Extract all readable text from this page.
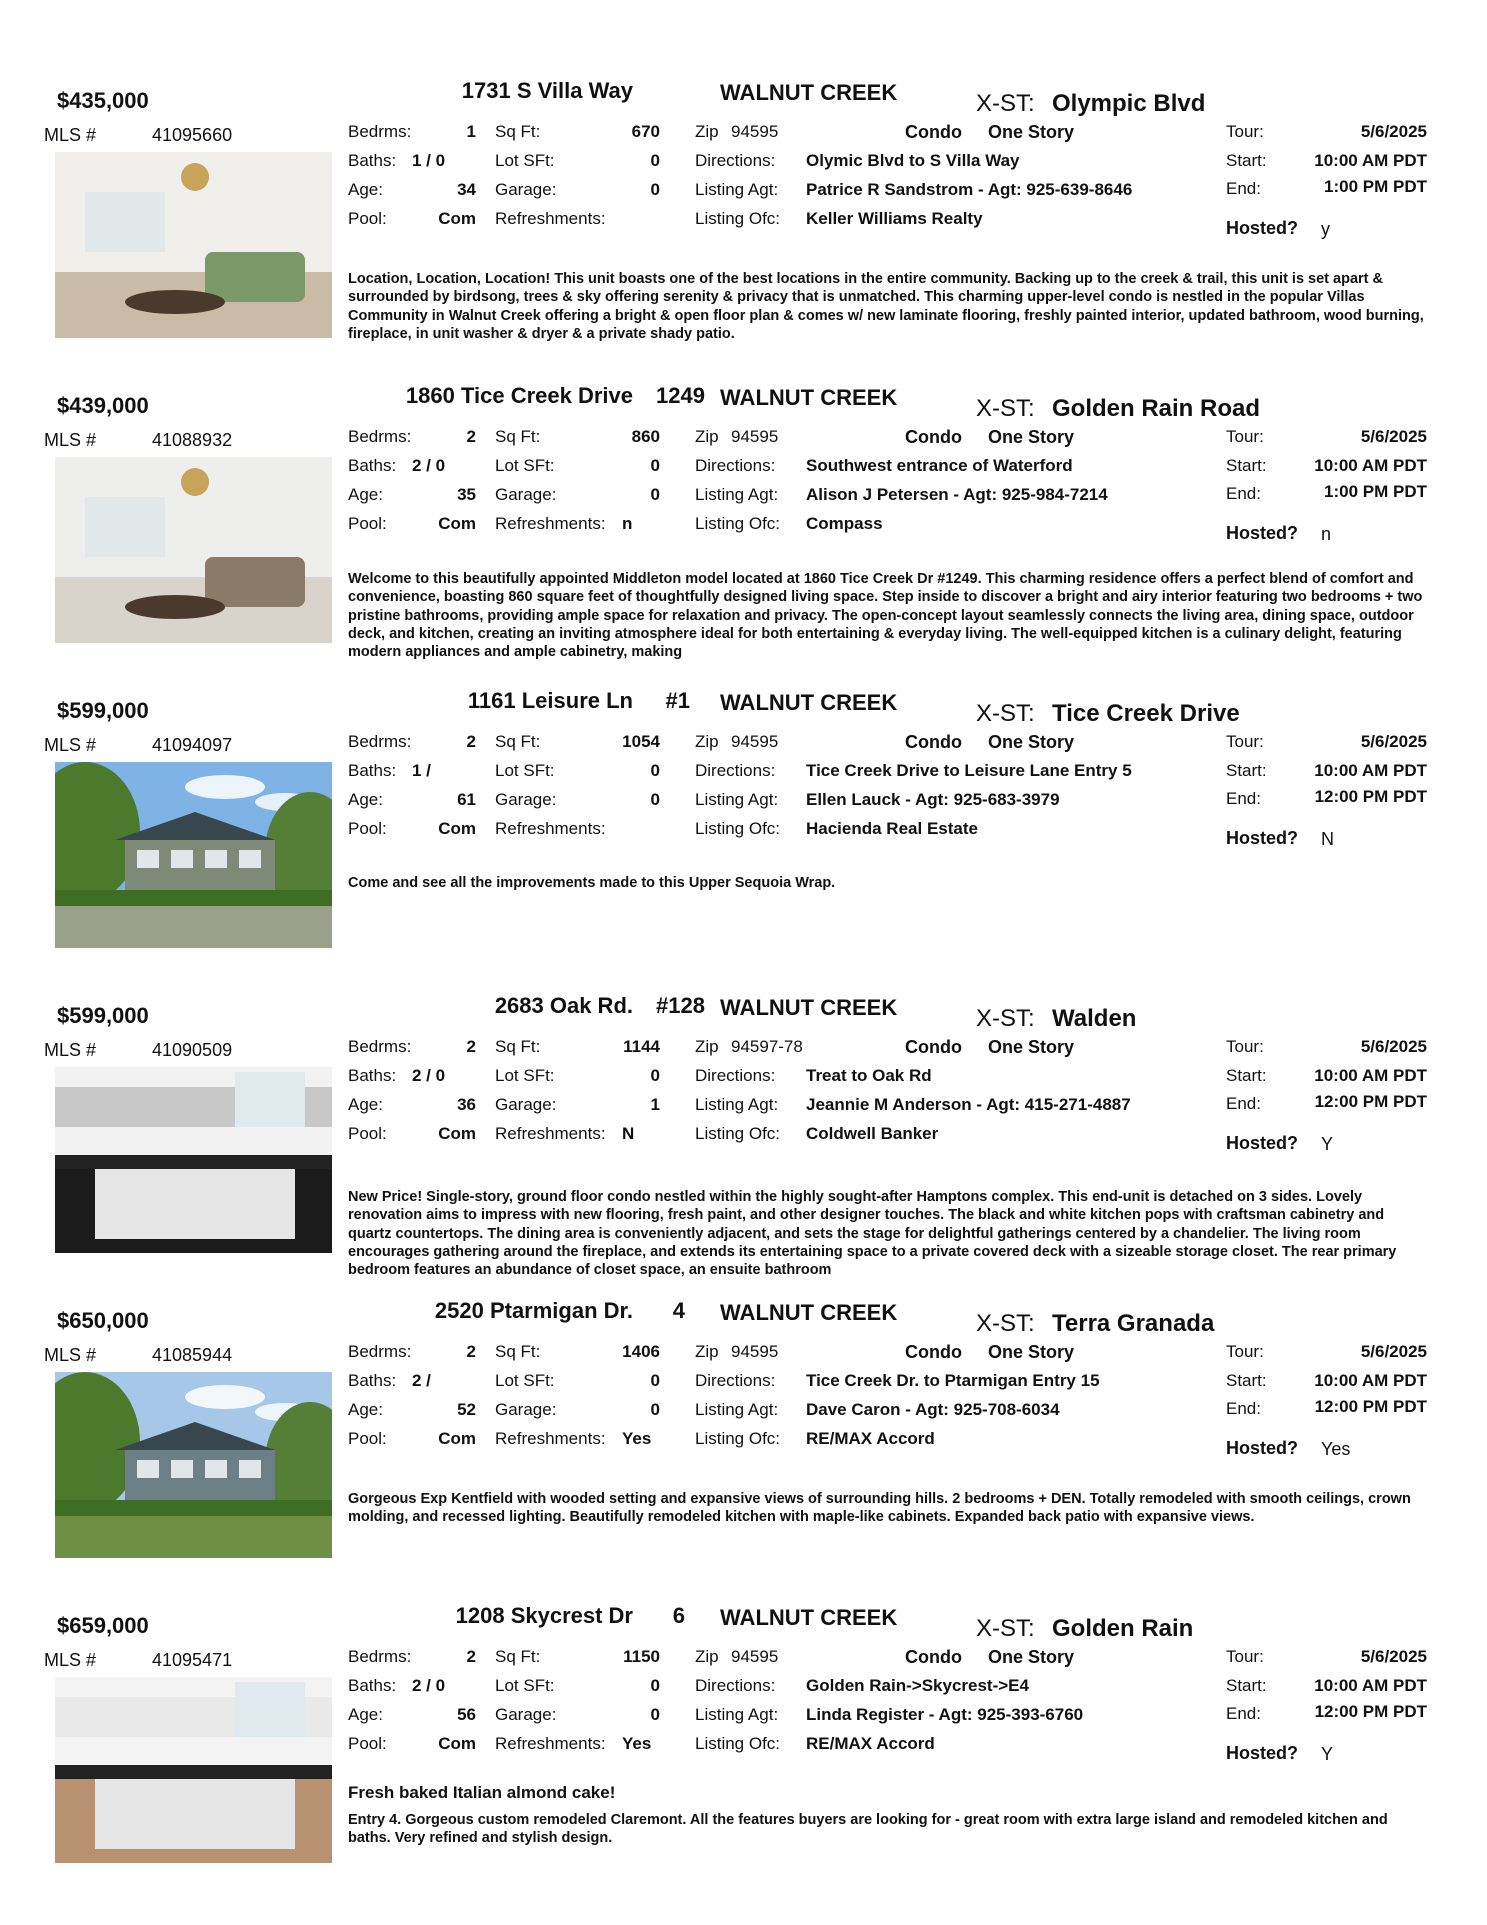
$435,000	1731 S Villa Way	WALNUT CREEK	X-ST: Olympic Blvd
MLS #	41095660	Bedrms:	1 Sq Ft:	670
Baths: 1 / 0	Lot SFt:	0
Age:	34 Garage:	0
Pool:	Com Refreshments:
Zip 94595	Condo One Story
Directions: Olymic Blvd to S Villa Way
Listing Agt: Patrice R Sandstrom - Agt: 925-639-8646
Listing Ofc: Keller Williams Realty
Tour:	5/6/2025
Start:	10:00 AM PDT
End:	1:00 PM PDT
Hosted? y
Location, Location, Location! This unit boasts one of the best locations in the entire community. Backing up to the creek & trail, this unit is set apart & surrounded by birdsong, trees & sky offering serenity & privacy that is unmatched. This charming upper-level condo is nestled in the popular Villas Community in Walnut Creek offering a bright & open floor plan & comes w/ new laminate flooring, freshly painted interior, updated bathroom, wood burning, fireplace, in unit washer & dryer & a private shady patio.
$439,000	1860 Tice Creek Drive 1249 WALNUT CREEK	X-ST: Golden Rain Road
MLS #	41088932	Bedrms:	2 Sq Ft:	860
Baths: 2 / 0	Lot SFt:	0
Age:	35 Garage:	0
Pool:	Com Refreshments: n
Zip 94595	Condo One Story
Directions: Southwest entrance of Waterford
Listing Agt: Alison J Petersen - Agt: 925-984-7214
Listing Ofc: Compass
Tour:	5/6/2025
Start:	10:00 AM PDT
End:	1:00 PM PDT
Hosted? n
Welcome to this beautifully appointed Middleton model located at 1860 Tice Creek Dr #1249. This charming residence offers a perfect blend of comfort and convenience, boasting 860 square feet of thoughtfully designed living space. Step inside to discover a bright and airy interior featuring two bedrooms + two pristine bathrooms, providing ample space for relaxation and privacy. The open-concept layout seamlessly connects the living area, dining space, outdoor deck, and kitchen, creating an inviting atmosphere ideal for both entertaining & everyday living. The well-equipped kitchen is a culinary delight, featuring modern appliances and ample cabinetry, making
$599,000	1161 Leisure Ln #1 WALNUT CREEK	X-ST: Tice Creek Drive
MLS #	41094097	Bedrms:	2 Sq Ft:	1054
Baths: 1 /	Lot SFt:	0
Age:	61 Garage:	0
Pool:	Com Refreshments:
Zip 94595	Condo One Story
Directions: Tice Creek Drive to Leisure Lane Entry 5
Listing Agt: Ellen Lauck - Agt: 925-683-3979
Listing Ofc: Hacienda Real Estate
Tour:	5/6/2025
Start:	10:00 AM PDT
End:	12:00 PM PDT
Hosted? N
Come and see all the improvements made to this Upper Sequoia Wrap.
$599,000	2683 Oak Rd. #128 WALNUT CREEK	X-ST: Walden
MLS #	41090509	Bedrms:	2 Sq Ft:	1144
Baths: 2 / 0	Lot SFt:	0
Age:	36 Garage:	1
Pool:	Com Refreshments: N
Zip 94597-78	Condo One Story
Directions: Treat to Oak Rd
Listing Agt: Jeannie M Anderson - Agt: 415-271-4887
Listing Ofc: Coldwell Banker
Tour:	5/6/2025
Start:	10:00 AM PDT
End:	12:00 PM PDT
Hosted? Y
New Price! Single-story, ground floor condo nestled within the highly sought-after Hamptons complex. This end-unit is detached on 3 sides. Lovely renovation aims to impress with new flooring, fresh paint, and other designer touches. The black and white kitchen pops with craftsman cabinetry and quartz countertops. The dining area is conveniently adjacent, and sets the stage for delightful gatherings centered by a chandelier. The living room encourages gathering around the fireplace, and extends its entertaining space to a private covered deck with a sizeable storage closet. The rear primary bedroom features an abundance of closet space, an ensuite bathroom
$650,000	2520 Ptarmigan Dr. 4 WALNUT CREEK	X-ST: Terra Granada
MLS #	41085944	Bedrms:	2 Sq Ft:	1406
Baths: 2 /	Lot SFt:	0
Age:	52 Garage:	0
Pool:	Com Refreshments: Yes
Zip 94595	Condo One Story
Directions: Tice Creek Dr. to Ptarmigan Entry 15
Listing Agt: Dave Caron - Agt: 925-708-6034
Listing Ofc: RE/MAX Accord
Tour:	5/6/2025
Start:	10:00 AM PDT
End:	12:00 PM PDT
Hosted? Yes
Gorgeous Exp Kentfield with wooded setting and expansive views of surrounding hills. 2 bedrooms + DEN. Totally remodeled with smooth ceilings, crown molding, and recessed lighting. Beautifully remodeled kitchen with maple-like cabinets. Expanded back patio with expansive views.
$659,000	1208 Skycrest Dr 6 WALNUT CREEK	X-ST: Golden Rain
MLS #	41095471	Bedrms:	2 Sq Ft:	1150
Baths: 2 / 0	Lot SFt:	0
Age:	56 Garage:	0
Pool:	Com Refreshments: Yes
Zip 94595	Condo One Story
Directions: Golden Rain->Skycrest->E4
Listing Agt: Linda Register - Agt: 925-393-6760
Listing Ofc: RE/MAX Accord
Tour:	5/6/2025
Start:	10:00 AM PDT
End:	12:00 PM PDT
Hosted? Y
Fresh baked Italian almond cake!
Entry 4. Gorgeous custom remodeled Claremont. All the features buyers are looking for - great room with extra large island and remodeled kitchen and baths. Very refined and stylish design.
